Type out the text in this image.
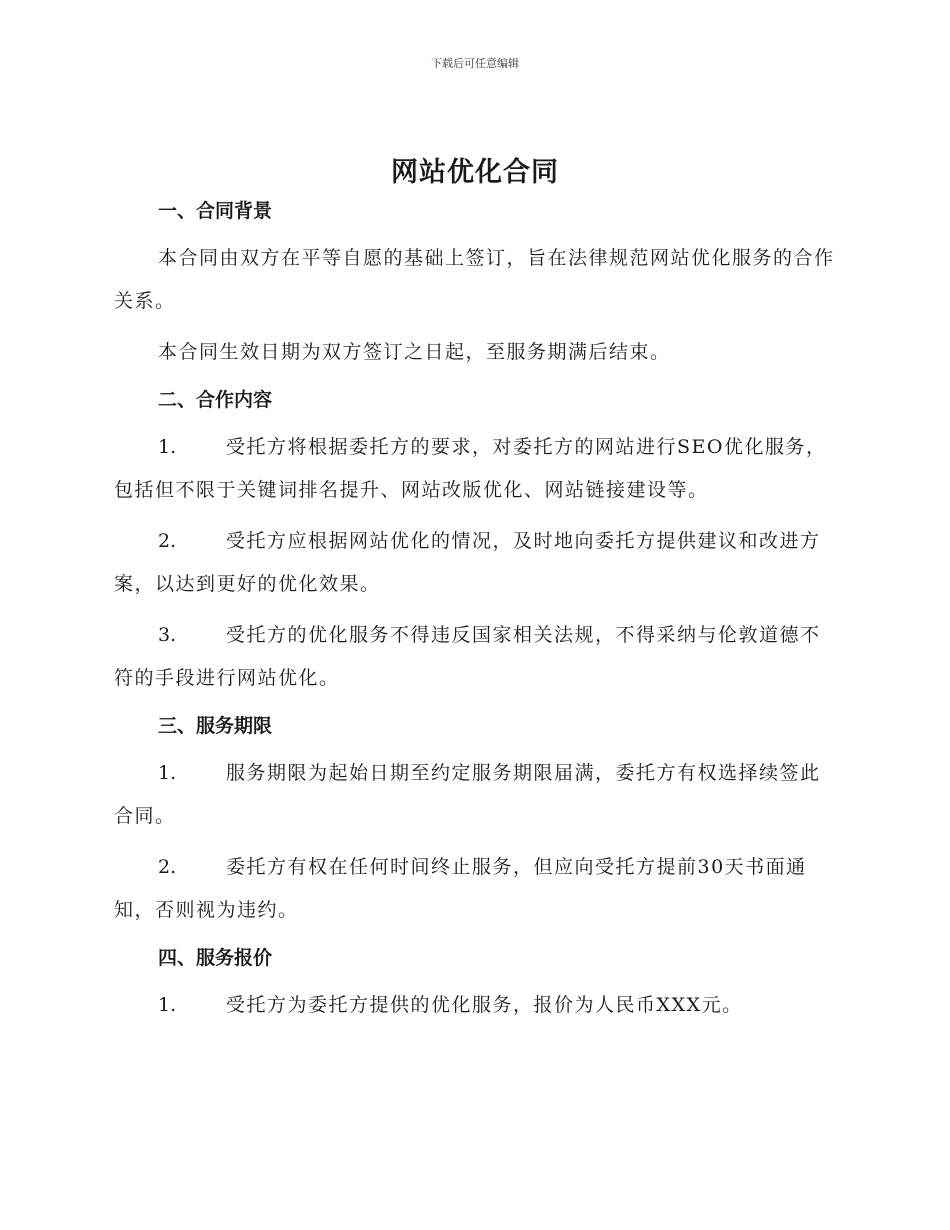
下载后可任意编辑
网站优化合同
一、合同背景

本合同由双方在平等自愿的基础上签订，旨在法律规范网站优化服务的合作关系。

本合同生效日期为双方签订之日起，至服务期满后结束。

二、合作内容

1.	受托方将根据委托方的要求，对委托方的网站进行SEO优化服务，包括但不限于关键词排名提升、网站改版优化、网站链接建设等。

2.	受托方应根据网站优化的情况，及时地向委托方提供建议和改进方案，以达到更好的优化效果。

3.	受托方的优化服务不得违反国家相关法规，不得采纳与伦敦道德不符的手段进行网站优化。

三、服务期限

1.	服务期限为起始日期至约定服务期限届满，委托方有权选择续签此合同。

2.	委托方有权在任何时间终止服务，但应向受托方提前30天书面通知，否则视为违约。

四、服务报价

1.	受托方为委托方提供的优化服务，报价为人民币XXX元。
